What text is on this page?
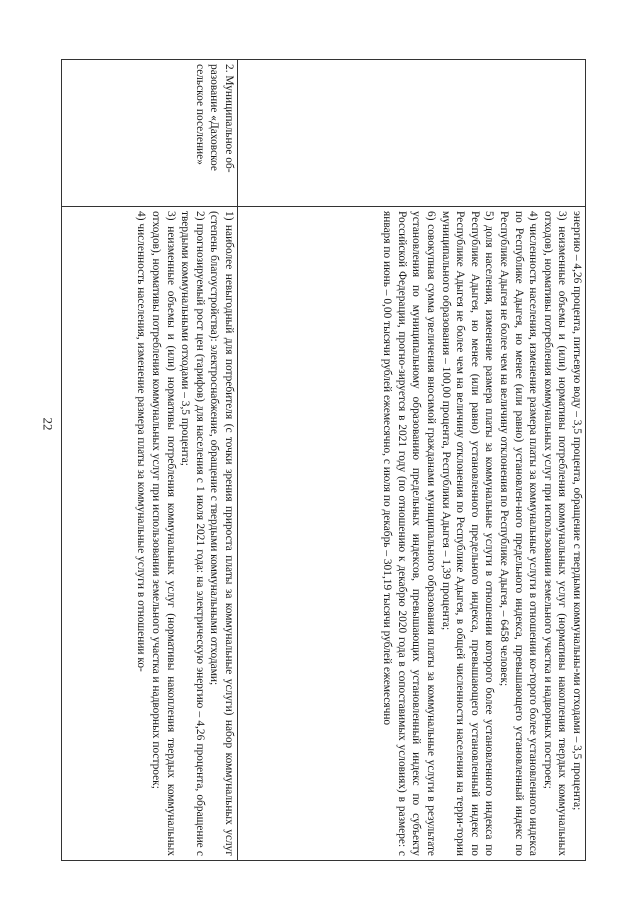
22

	энергию – 4,26 процента, питьевую воду – 3,5 процента, обращение с твердыми коммунальны-ми отходами – 3,5 процента;

3) неизменные объемы и (или) нормативы потребления коммунальных услуг (нормативы накопления твердых коммунальных отходов), нормативы потребления коммунальных услуг при использовании земельного участка и надворных построек;

4) численность населения, изменение размера платы за коммунальные услуги в отношении ко-торого более установленного индекса по Республике Адыгея, но менее (или равно) установлен-ного предельного индекса, превышающего установленный индекс по Республике Адыгея не более чем на величину отклонения по Республике Адыгея, – 6458 человек;

5) доля населения, изменение размера платы за коммунальные услуги в отношении которого более установленного индекса по Республике Адыгея, но менее (или равно) установленного предельного индекса, превышающего установленный индекс по Республике Адыгея не более чем на величину отклонения по Республике Адыгея, в общей численности населения на терри-тории муниципального образования – 100,00 процента, Республики Адыгея – 1,39 процента;

6) совокупная сумма увеличения вносимой гражданами муниципального образования платы за коммунальные услуги в результате установления по муниципальному образованию предельных индексов, превышающих установленный индекс по субъекту Российской Федерации, прогно-зируется в 2021 году (по отношению к декабрю 2020 года в сопоставимых условиях) в размере: с января по июнь – 0,00 тысячи рублей ежемесячно, с июля по декабрь – 301,19 тысячи рублей ежемесячно

2. Муниципальное об-разование «Даховское сельское поселение»	1) наиболее невыгодный для потребителя (с точки зрения прироста платы за коммунальные услуги) набор коммунальных услуг (степень благоустройства): электроснабжение, обращение с твердыми коммунальными отходами;

2) прогнозируемый рост цен (тарифов) для населения с 1 июля 2021 года: на электрическую энергию – 4,26 процента, обращение с твердыми коммунальными отходами – 3,5 процента;

3) неизменные объемы и (или) нормативы потребления коммунальных услуг (нормативы накопления твердых коммунальных отходов), нормативы потребления коммунальных услуг при использовании земельного участка и надворных построек;

4) численность населения, изменение размера платы за коммунальные услуги в отношении ко-
